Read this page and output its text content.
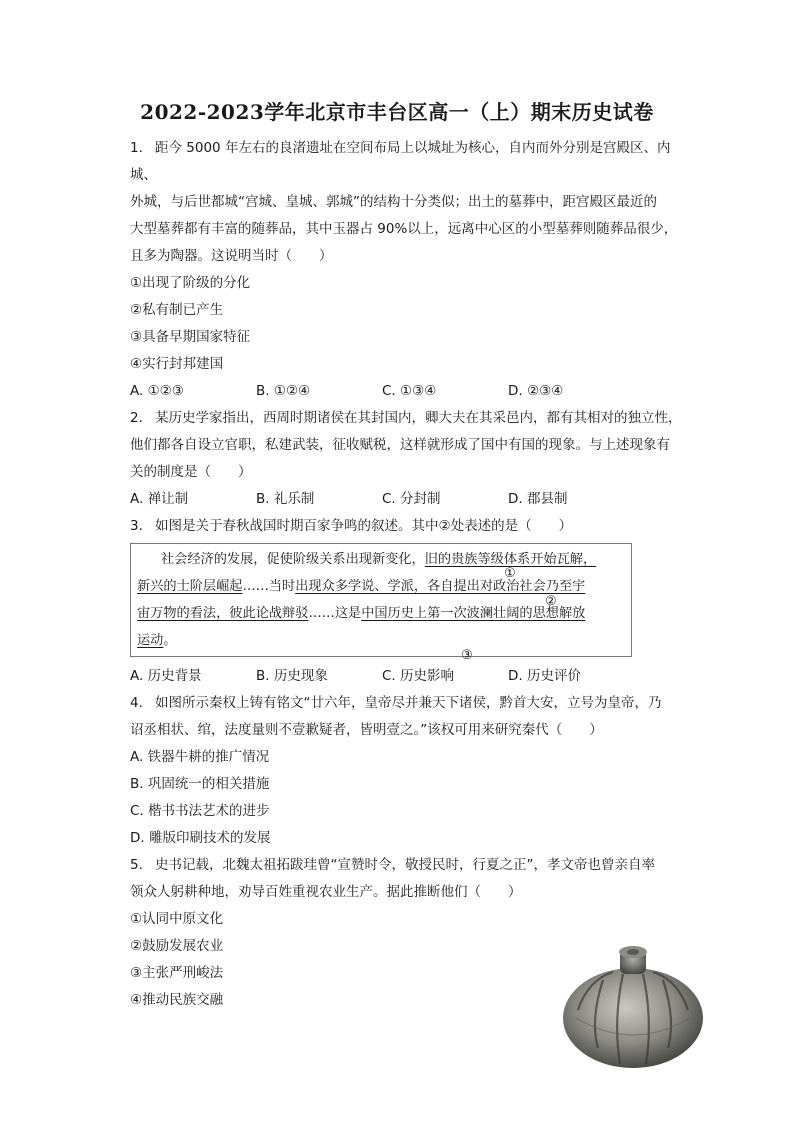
2022-2023学年北京市丰台区高一（上）期末历史试卷

1. 距今 5000 年左右的良渚遗址在空间布局上以城址为核心，自内而外分别是宫殿区、内城、

外城，与后世都城“宫城、皇城、郭城”的结构十分类似；出土的墓葬中，距宫殿区最近的

大型墓葬都有丰富的随葬品，其中玉器占 90%以上，远离中心区的小型墓葬则随葬品很少，

且多为陶器。这说明当时（　　）

①出现了阶级的分化

②私有制已产生

③具备早期国家特征

④实行封邦建国

A. ①②③	B. ①②④	C. ①③④	D. ②③④

2. 某历史学家指出，西周时期诸侯在其封国内，卿大夫在其采邑内，都有其相对的独立性，

他们都各自设立官职，私建武装，征收赋税，这样就形成了国中有国的现象。与上述现象有

关的制度是（　　）

A. 禅让制	B. 礼乐制	C. 分封制	D. 郡县制

3. 如图是关于春秋战国时期百家争鸣的叙述。其中②处表述的是（　　）

社会经济的发展，促使阶级关系出现新变化，旧的贵族等级体系开始瓦解，
①
新兴的士阶层崛起……当时出现众多学说、学派，各自提出对政治社会乃至宇
②
宙万物的看法，彼此论战辩驳……这是中国历史上第一次波澜壮阔的思想解放
运动。
③
A. 历史背景	B. 历史现象	C. 历史影响	D. 历史评价

4. 如图所示秦权上铸有铭文“廿六年，皇帝尽并兼天下诸侯，黔首大安，立号为皇帝，乃

诏丞相状、绾，法度量则不壹歉疑者，皆明壹之。”该权可用来研究秦代（　　）

A. 铁器牛耕的推广情况

B. 巩固统一的相关措施

C. 楷书书法艺术的进步

D. 雕版印刷技术的发展

5. 史书记载，北魏太祖拓跋珪曾“宣赞时令，敬授民时，行夏之正”，孝文帝也曾亲自率

领众人躬耕种地，劝导百姓重视农业生产。据此推断他们（　　）

①认同中原文化

②鼓励发展农业

③主张严刑峻法

④推动民族交融
